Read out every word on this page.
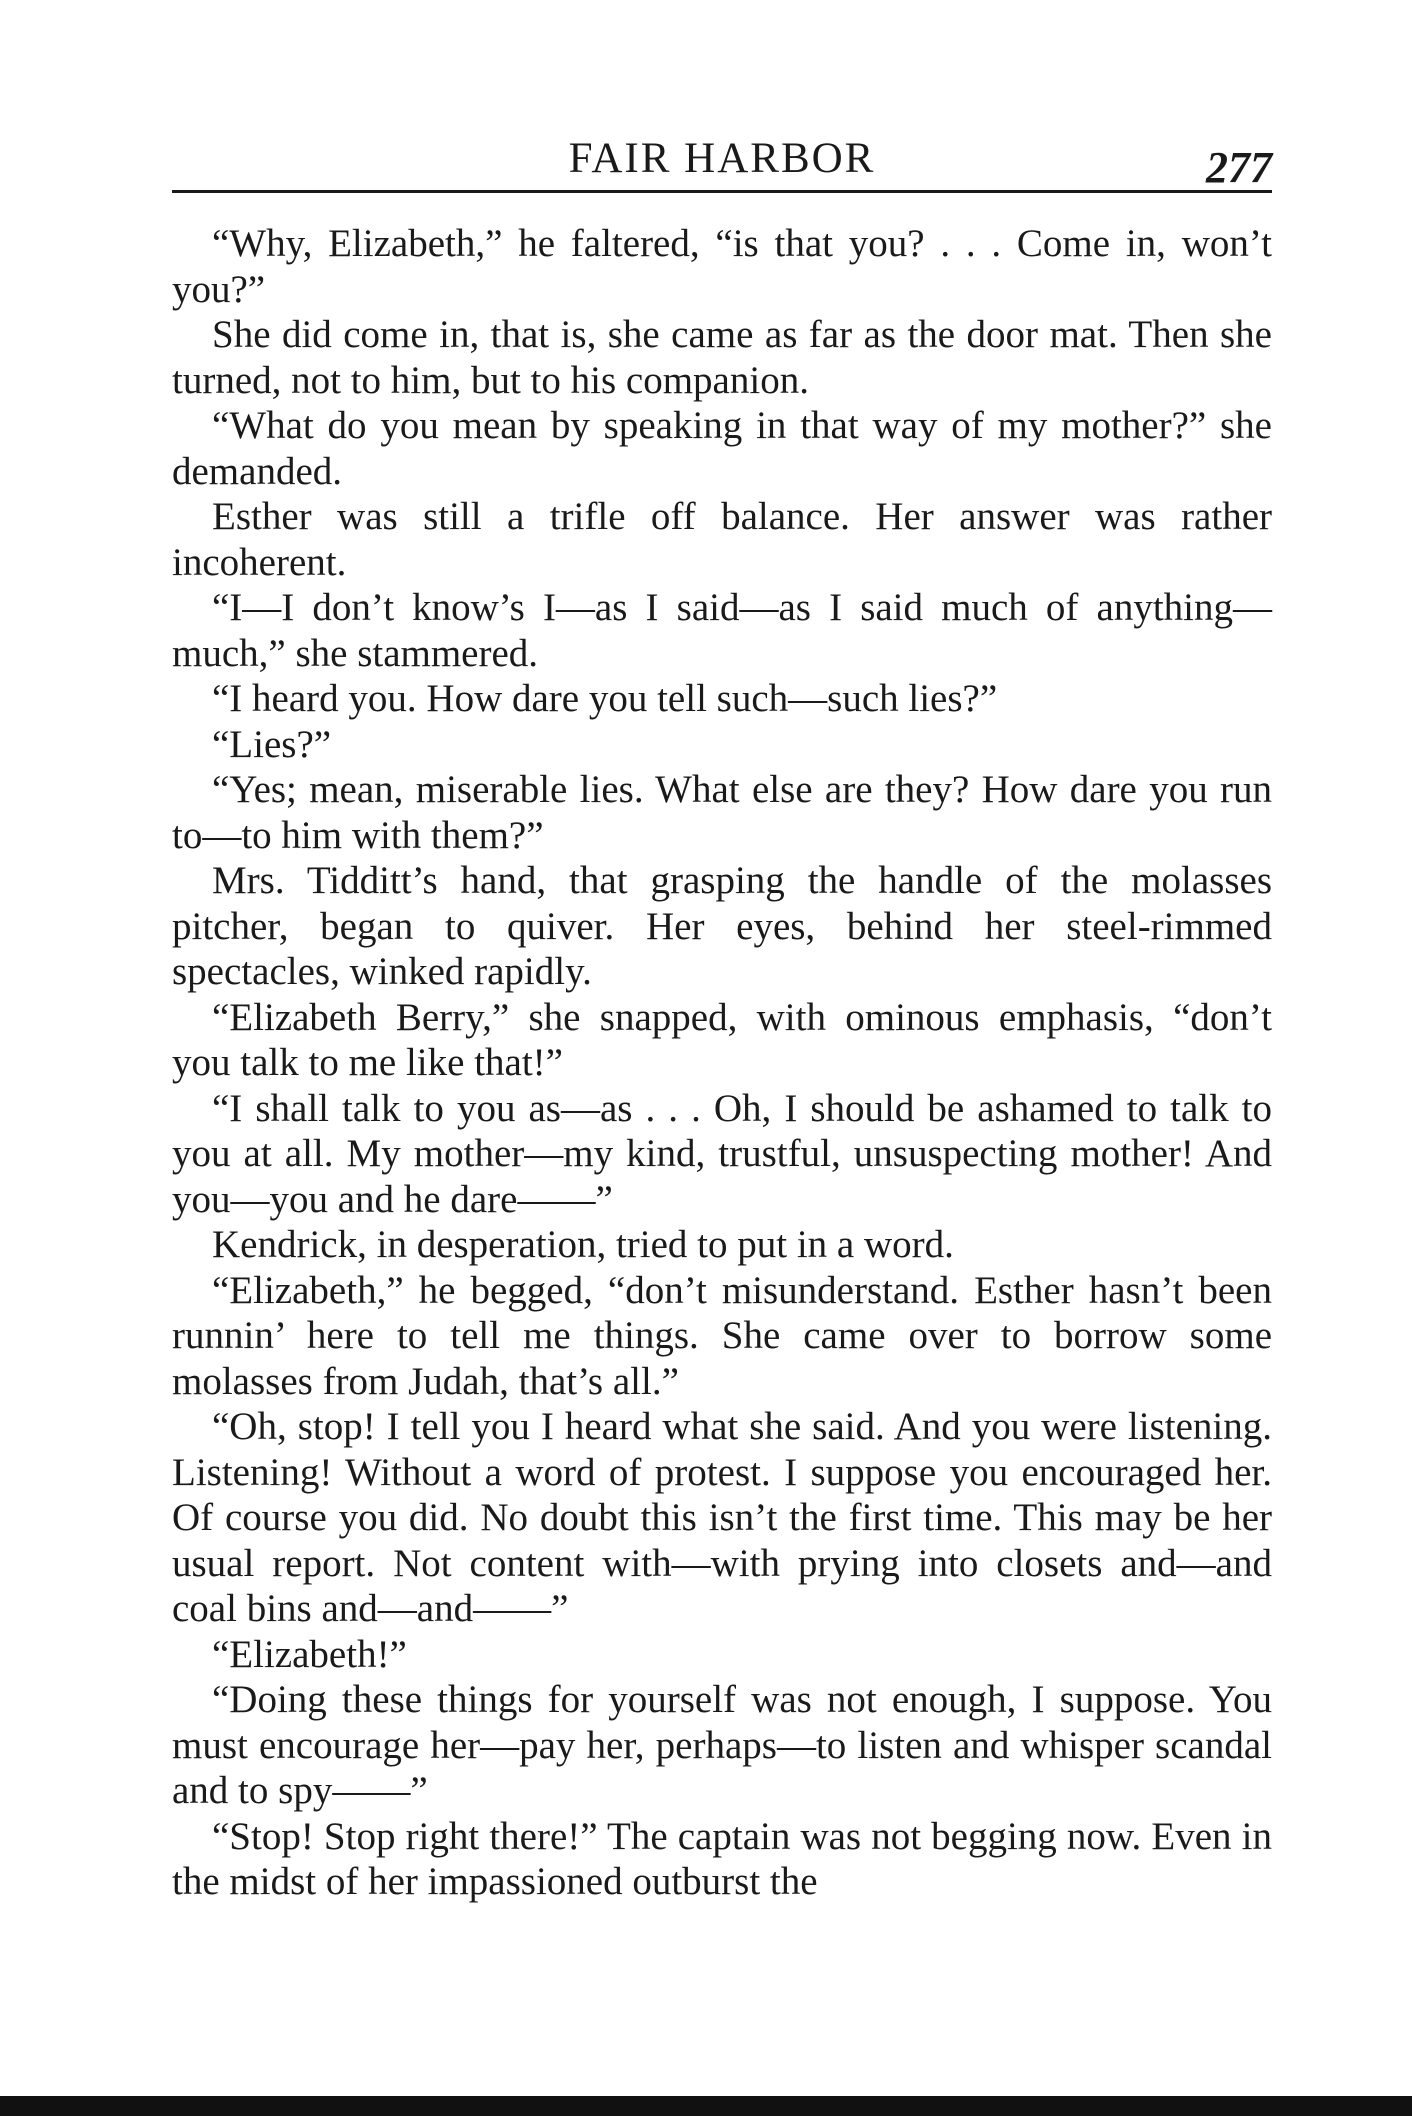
FAIR HARBOR	277

“Why, Elizabeth,” he faltered, “is that you? . . . Come in, won’t you?”

She did come in, that is, she came as far as the door mat. Then she turned, not to him, but to his companion.

“What do you mean by speaking in that way of my mother?” she demanded.

Esther was still a trifle off balance. Her answer was rather incoherent.

“I—I don’t know’s I—as I said—as I said much of anything—much,” she stammered.

“I heard you. How dare you tell such—such lies?”

“Lies?”

“Yes; mean, miserable lies. What else are they? How dare you run to—to him with them?”

Mrs. Tidditt’s hand, that grasping the handle of the molasses pitcher, began to quiver. Her eyes, behind her steel-rimmed spectacles, winked rapidly.

“Elizabeth Berry,” she snapped, with ominous emphasis, “don’t you talk to me like that!”

“I shall talk to you as—as . . . Oh, I should be ashamed to talk to you at all. My mother—my kind, trustful, unsuspecting mother! And you—you and he dare——”

Kendrick, in desperation, tried to put in a word.

“Elizabeth,” he begged, “don’t misunderstand. Esther hasn’t been runnin’ here to tell me things. She came over to borrow some molasses from Judah, that’s all.”

“Oh, stop! I tell you I heard what she said. And you were listening. Listening! Without a word of protest. I suppose you encouraged her. Of course you did. No doubt this isn’t the first time. This may be her usual report. Not content with—with prying into closets and—and coal bins and—and——”

“Elizabeth!”

“Doing these things for yourself was not enough, I suppose. You must encourage her—pay her, perhaps—to listen and whisper scandal and to spy——”

“Stop! Stop right there!” The captain was not begging now. Even in the midst of her impassioned outburst the
